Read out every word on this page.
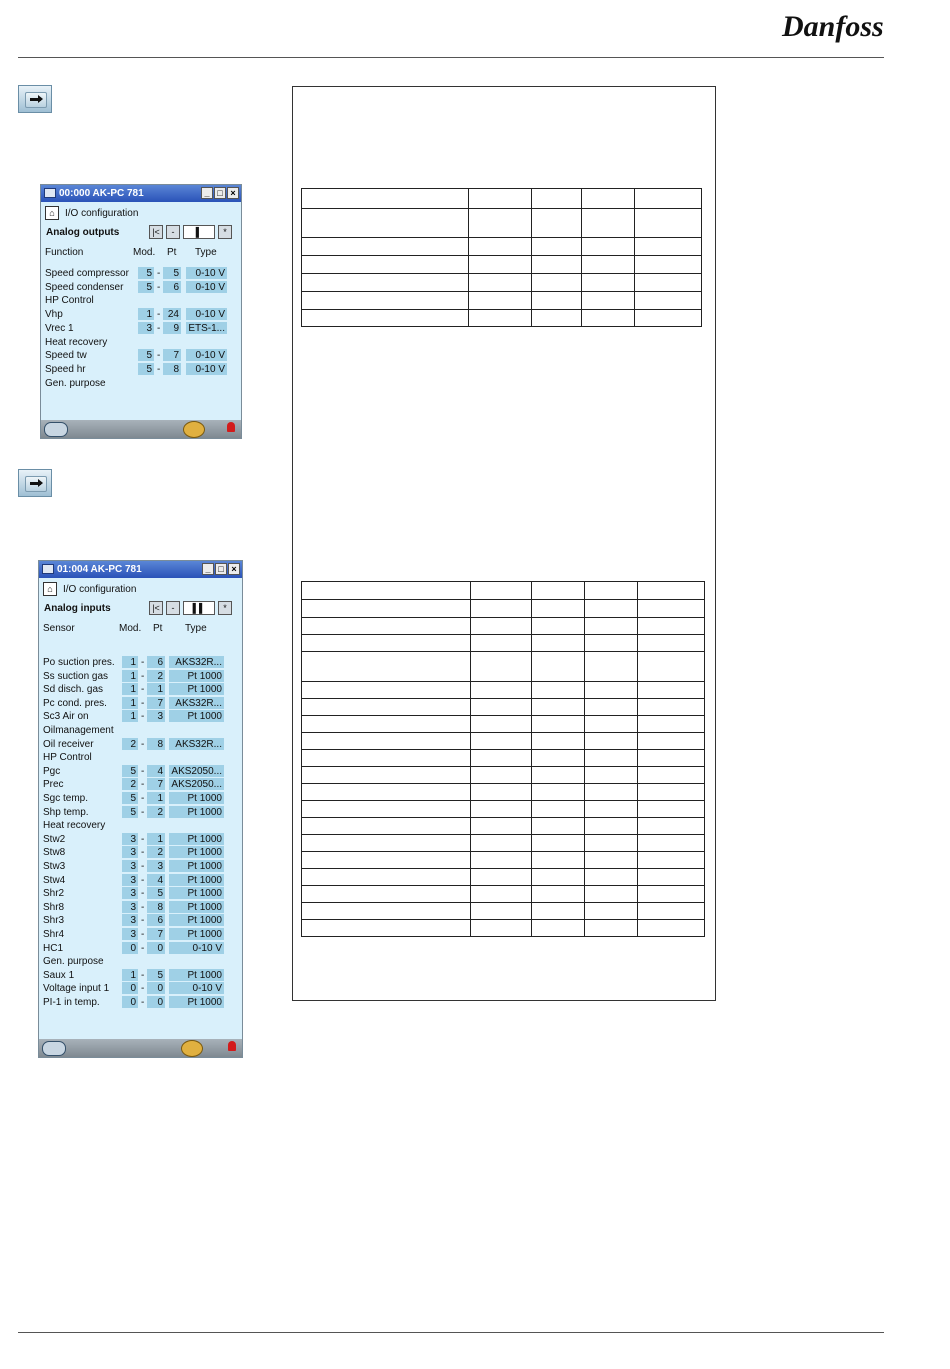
Danfoss
00:000 AK-PC 781	_ □ ×
⌂	I/O configuration
Analog outputs	|<	-	▌	*
Function	Mod. Pt Type
Speed compressor	5 -	5	0-10 V
Speed condenser	5 -	6	0-10 V
HP Control
Vhp	1 - 24	0-10 V
Vrec 1	3 -	9 ETS-1...
Heat recovery
Speed tw	5 -	7	0-10 V
Speed hr	5 -	8	0-10 V
Gen. purpose
01:004 AK-PC 781	_ □ ×
⌂	I/O configuration
Analog inputs	|<	-	▌▌	*
Sensor	Mod. Pt Type
Po suction pres.	1 -	6	AKS32R...
Ss suction gas	1 -	2	Pt 1000
Sd disch. gas	1 -	1	Pt 1000
Pc cond. pres.	1 -	7	AKS32R...
Sc3 Air on	1 -	3	Pt 1000
Oilmanagement
Oil receiver	2 -	8	AKS32R...
HP Control
Pgc	5 -	4 AKS2050...
Prec	2 -	7 AKS2050...
Sgc temp.	5 -	1	Pt 1000
Shp temp.	5 -	2	Pt 1000
Heat recovery
Stw2	3 -	1	Pt 1000
Stw8	3 -	2	Pt 1000
Stw3	3 -	3	Pt 1000
Stw4	3 -	4	Pt 1000
Shr2	3 -	5	Pt 1000
Shr8	3 -	8	Pt 1000
Shr3	3 -	6	Pt 1000
Shr4	3 -	7	Pt 1000
HC1	0 -	0	0-10 V
Gen. purpose
Saux 1	1 -	5	Pt 1000
Voltage input 1	0 -	0	0-10 V
PI-1 in temp.	0 -	0	Pt 1000
